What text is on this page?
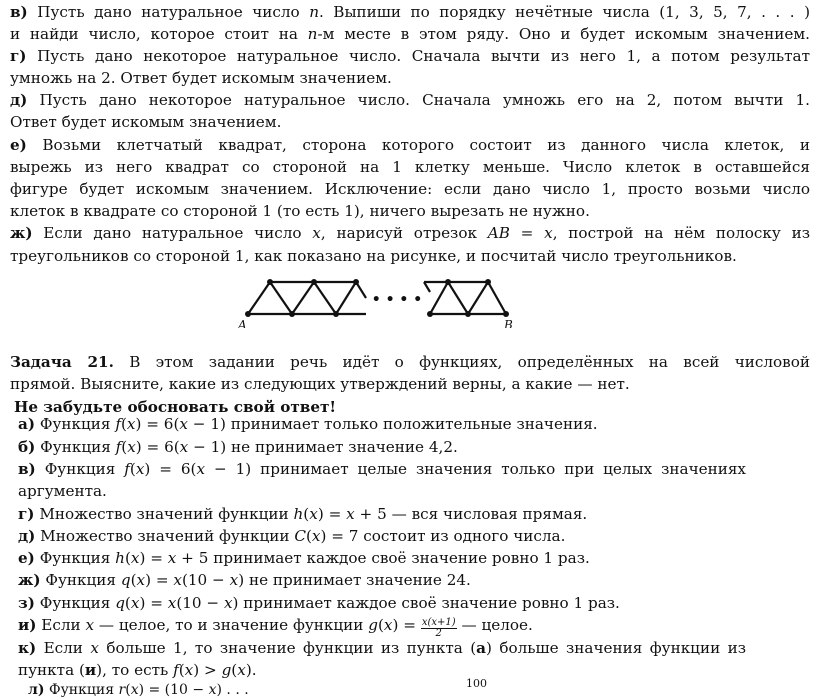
в) Пусть дано натуральное число n. Выпиши по порядку нечётные числа (1, 3, 5, 7, . . . )
и найди число, которое стоит на n-м месте в этом ряду. Оно и будет искомым значением.
г) Пусть дано некоторое натуральное число. Сначала вычти из него 1, а потом результат
умножь на 2. Ответ будет искомым значением.
д) Пусть дано некоторое натуральное число. Сначала умножь его на 2, потом вычти 1.
Ответ будет искомым значением.
е) Возьми клетчатый квадрат, сторона которого состоит из данного числа клеток, и
вырежь из него квадрат со стороной на 1 клетку меньше. Число клеток в оставшейся
фигуре будет искомым значением. Исключение: если дано число 1, просто возьми число
клеток в квадрате со стороной 1 (то есть 1), ничего вырезать не нужно.
ж) Если дано натуральное число x, нарисуй отрезок AB = x, построй на нём полоску из
треугольников со стороной 1, как показано на рисунке, и посчитай число треугольников.
• • • •
A	B
Задача 21. В этом задании речь идёт о функциях, определённых на всей числовой
прямой. Выясните, какие из следующих утверждений верны, а какие — нет.
Не забудьте обосновать свой ответ!
а) Функция f(x) = 6(x − 1) принимает только положительные значения.
б) Функция f(x) = 6(x − 1) не принимает значение 4,2.
в) Функция f(x) = 6(x − 1) принимает целые значения только при целых значениях
аргумента.
г) Множество значений функции h(x) = x + 5 — вся числовая прямая.
д) Множество значений функции C(x) = 7 состоит из одного числа.
е) Функция h(x) = x + 5 принимает каждое своё значение ровно 1 раз.
ж) Функция q(x) = x(10 − x) не принимает значение 24.
з) Функция q(x) = x(10 − x) принимает каждое своё значение ровно 1 раз.
и) Если x — целое, то и значение функции $g(x) = \frac{x(x+1)}{2}$ — целое.
к) Если x больше 1, то значение функции из пункта (а) больше значения функции из
пункта (и), то есть f(x) > g(x).
л) Функция r(x) = (10 − x) . . .	100
